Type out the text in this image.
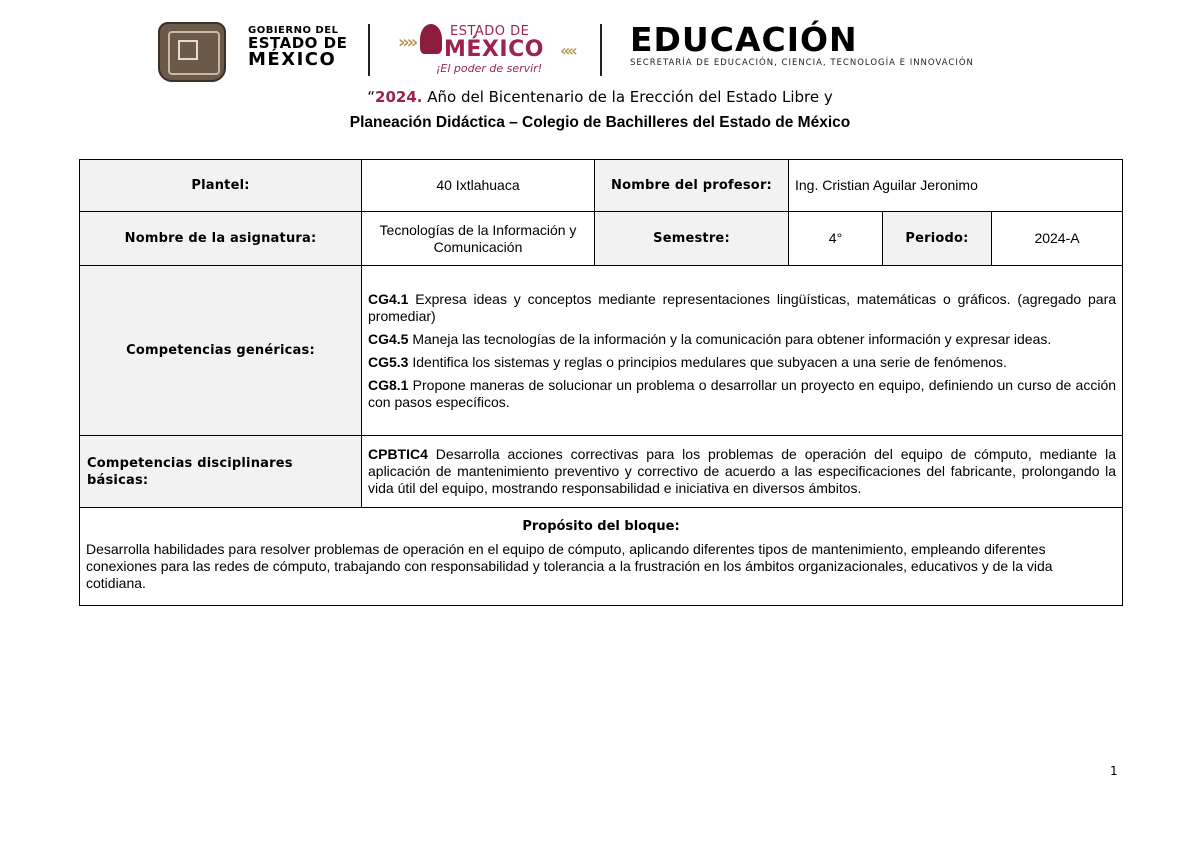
GOBIERNO DEL
ESTADO DE
MÉXICO
»»
ESTADO DE
MÉXICO ««
¡El poder de servir!
EDUCACIÓN
SECRETARÍA DE EDUCACIÓN, CIENCIA, TECNOLOGÍA E INNOVACIÓN
“2024. Año del Bicentenario de la Erección del Estado Libre y
Planeación Didáctica – Colegio de Bachilleres del Estado de México
Plantel:	40 Ixtlahuaca	Nombre del profesor:	Ing. Cristian Aguilar Jeronimo		
Nombre de la asignatura:	Tecnologías de la Información y Comunicación	Semestre:	4°	Periodo:	2024-A
Competencias genéricas:	CG4.1 Expresa ideas y conceptos mediante representaciones lingüísticas, matemáticas o gráficos. (agregado para promediar)

CG4.5 Maneja las tecnologías de la información y la comunicación para obtener información y expresar ideas.

CG5.3 Identifica los sistemas y reglas o principios medulares que subyacen a una serie de fenómenos.

CG8.1 Propone maneras de solucionar un problema o desarrollar un proyecto en equipo, definiendo un curso de acción con pasos específicos.				

Competencias disciplinares básicas:	CPBTIC4 Desarrolla acciones correctivas para los problemas de operación del equipo de cómputo, mediante la aplicación de mantenimiento preventivo y correctivo de acuerdo a las especificaciones del fabricante, prolongando la vida útil del equipo, mostrando responsabilidad e iniciativa en diversos ámbitos.				

Propósito del bloque:

Desarrolla habilidades para resolver problemas de operación en el equipo de cómputo, aplicando diferentes tipos de mantenimiento, empleando diferentes conexiones para las redes de cómputo, trabajando con responsabilidad y tolerancia a la frustración en los ámbitos organizacionales, educativos y de la vida cotidiana.					

1
